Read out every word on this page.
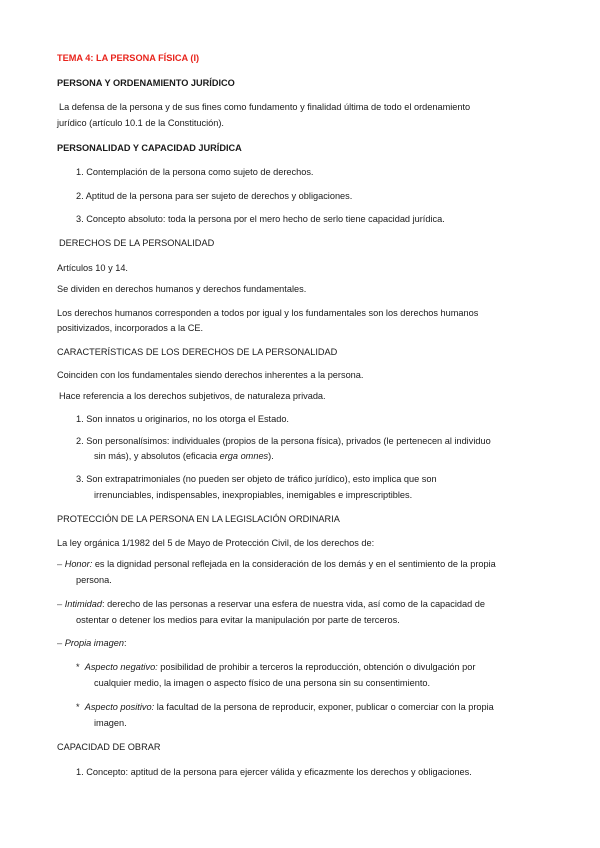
TEMA 4: LA PERSONA FÍSICA (I)
PERSONA Y ORDENAMIENTO JURÍDICO
La defensa de la persona y de sus fines como fundamento y finalidad última de todo el ordenamiento
jurídico (artículo 10.1 de la Constitución).
PERSONALIDAD Y CAPACIDAD JURÍDICA
1. Contemplación de la persona como sujeto de derechos.
2. Aptitud de la persona para ser sujeto de derechos y obligaciones.
3. Concepto absoluto: toda la persona por el mero hecho de serlo tiene capacidad jurídica.
DERECHOS DE LA PERSONALIDAD
Artículos 10 y 14.
Se dividen en derechos humanos y derechos fundamentales.
Los derechos humanos corresponden a todos por igual y los fundamentales son los derechos humanos
positivizados, incorporados a la CE.
CARACTERÍSTICAS DE LOS DERECHOS DE LA PERSONALIDAD
Coinciden con los fundamentales siendo derechos inherentes a la persona.
Hace referencia a los derechos subjetivos, de naturaleza privada.
1. Son innatos u originarios, no los otorga el Estado.
2. Son personalísimos: individuales (propios de la persona física), privados (le pertenecen al individuo
sin más), y absolutos (eficacia erga omnes).
3. Son extrapatrimoniales (no pueden ser objeto de tráfico jurídico), esto implica que son
irrenunciables, indispensables, inexpropiables, inemigables e imprescriptibles.
PROTECCIÓN DE LA PERSONA EN LA LEGISLACIÓN ORDINARIA
La ley orgánica 1/1982 del 5 de Mayo de Protección Civil, de los derechos de:
– Honor: es la dignidad personal reflejada en la consideración de los demás y en el sentimiento de la propia
persona.
– Intimidad: derecho de las personas a reservar una esfera de nuestra vida, así como de la capacidad de
ostentar o detener los medios para evitar la manipulación por parte de terceros.
– Propia imagen:
* Aspecto negativo: posibilidad de prohibir a terceros la reproducción, obtención o divulgación por
cualquier medio, la imagen o aspecto físico de una persona sin su consentimiento.
* Aspecto positivo: la facultad de la persona de reproducir, exponer, publicar o comerciar con la propia
imagen.
CAPACIDAD DE OBRAR
1. Concepto: aptitud de la persona para ejercer válida y eficazmente los derechos y obligaciones.
